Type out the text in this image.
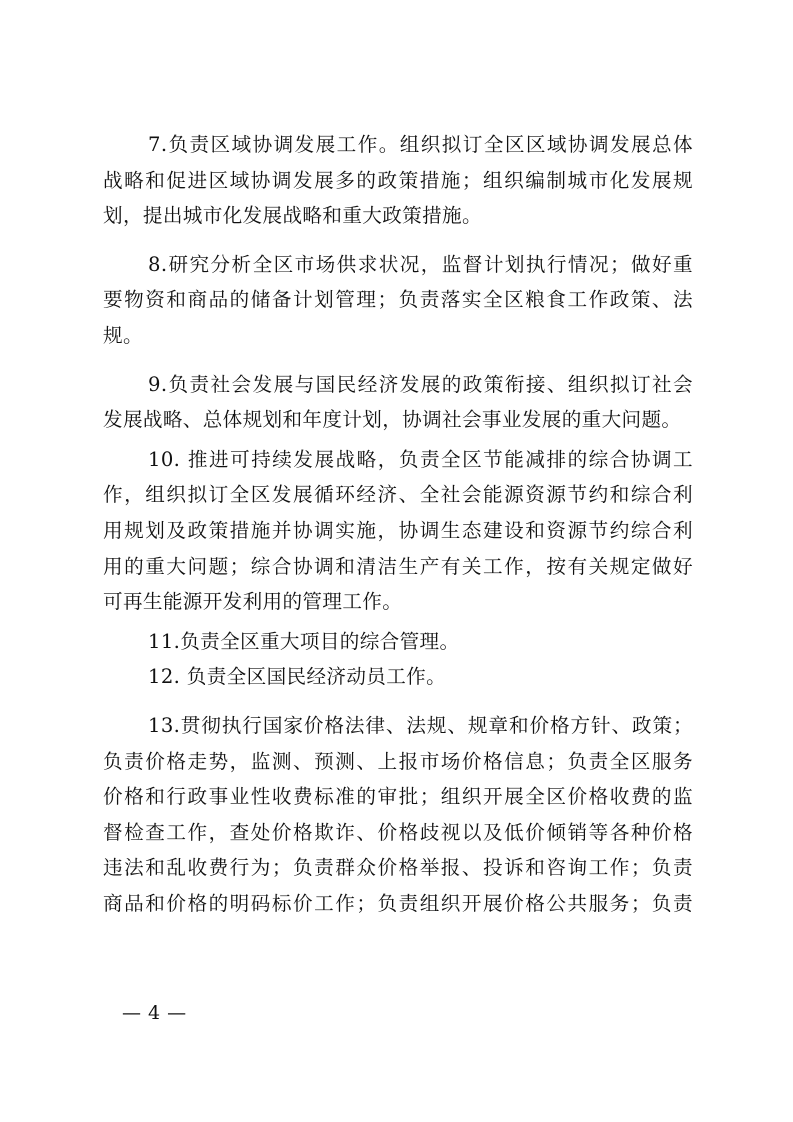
7.负责区域协调发展工作。组织拟订全区区域协调发展总体
战略和促进区域协调发展多的政策措施；组织编制城市化发展规
划，提出城市化发展战略和重大政策措施。

8.研究分析全区市场供求状况，监督计划执行情况；做好重
要物资和商品的储备计划管理；负责落实全区粮食工作政策、法
规。

9.负责社会发展与国民经济发展的政策衔接、组织拟订社会
发展战略、总体规划和年度计划，协调社会事业发展的重大问题。

10. 推进可持续发展战略，负责全区节能减排的综合协调工
作，组织拟订全区发展循环经济、全社会能源资源节约和综合利
用规划及政策措施并协调实施，协调生态建设和资源节约综合利
用的重大问题；综合协调和清洁生产有关工作，按有关规定做好
可再生能源开发利用的管理工作。

11.负责全区重大项目的综合管理。

12. 负责全区国民经济动员工作。

13.贯彻执行国家价格法律、法规、规章和价格方针、政策；
负责价格走势，监测、预测、上报市场价格信息；负责全区服务
价格和行政事业性收费标准的审批；组织开展全区价格收费的监
督检查工作，查处价格欺诈、价格歧视以及低价倾销等各种价格
违法和乱收费行为；负责群众价格举报、投诉和咨询工作；负责
商品和价格的明码标价工作；负责组织开展价格公共服务；负责

— 4 —
